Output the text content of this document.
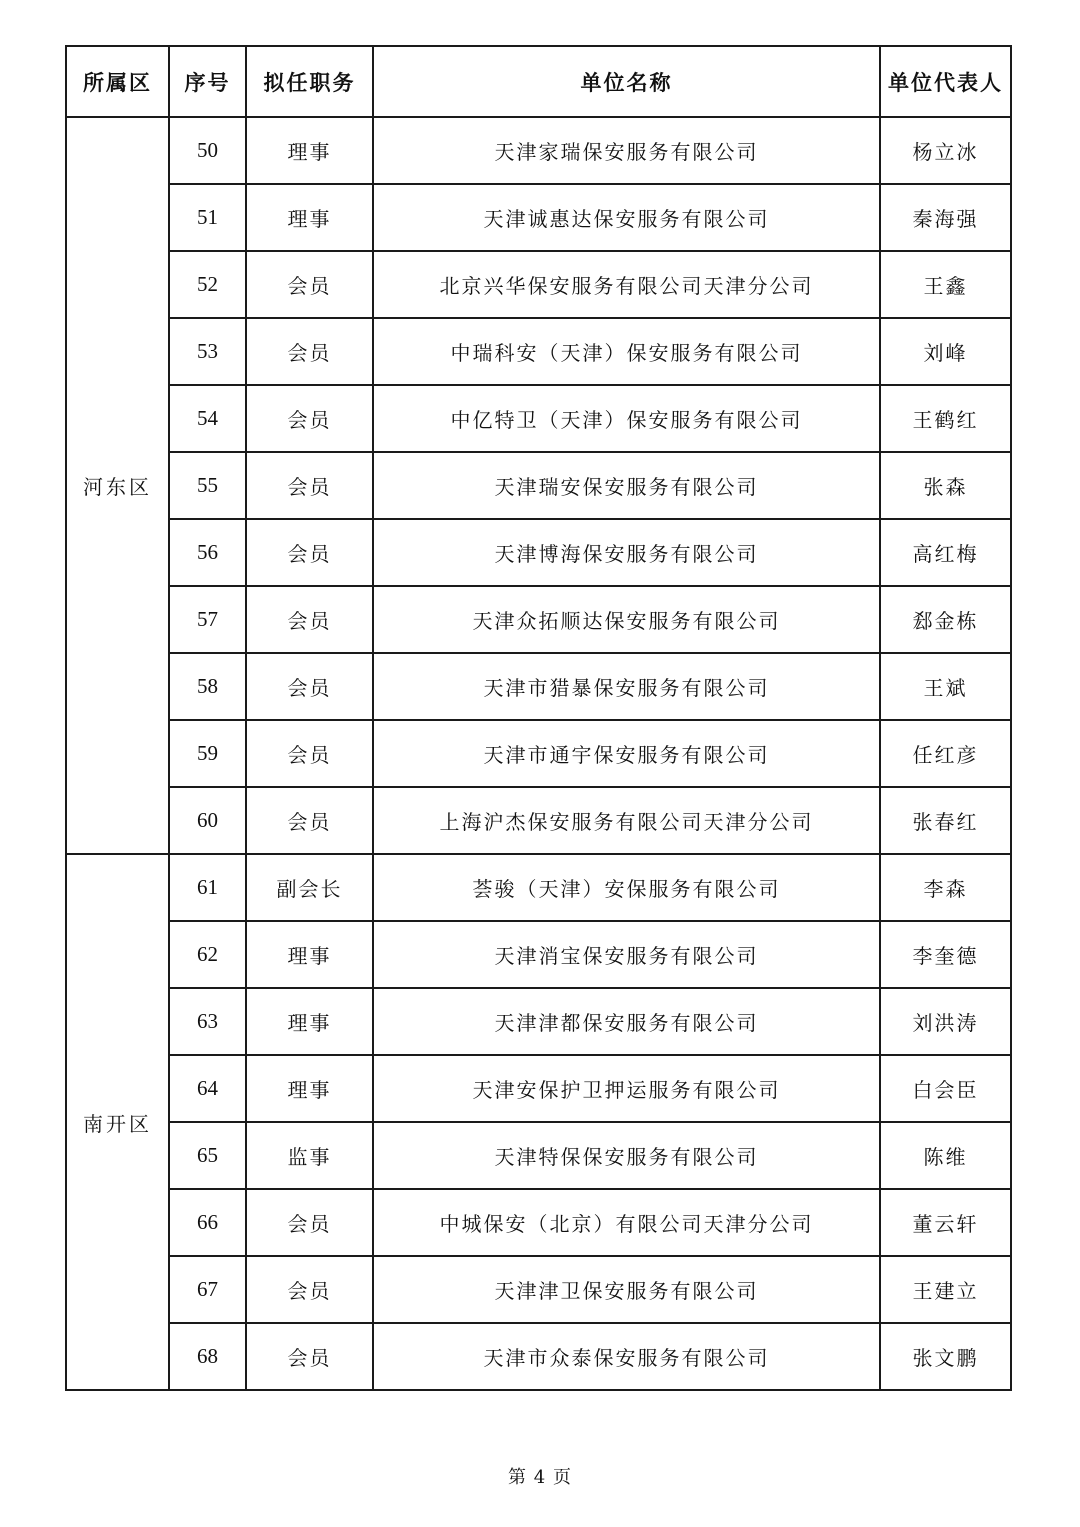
所属区	序号	拟任职务	单位名称	单位代表人
河东区	50	理事	天津家瑞保安服务有限公司	杨立冰
	51	理事	天津诚惠达保安服务有限公司	秦海强
	52	会员	北京兴华保安服务有限公司天津分公司	王鑫
	53	会员	中瑞科安（天津）保安服务有限公司	刘峰
	54	会员	中亿特卫（天津）保安服务有限公司	王鹤红
	55	会员	天津瑞安保安服务有限公司	张森
	56	会员	天津博海保安服务有限公司	高红梅
	57	会员	天津众拓顺达保安服务有限公司	郄金栋
	58	会员	天津市猎暴保安服务有限公司	王斌
	59	会员	天津市通宇保安服务有限公司	任红彦
	60	会员	上海沪杰保安服务有限公司天津分公司	张春红
南开区	61	副会长	荟骏（天津）安保服务有限公司	李森
	62	理事	天津消宝保安服务有限公司	李奎德
	63	理事	天津津都保安服务有限公司	刘洪涛
	64	理事	天津安保护卫押运服务有限公司	白会臣
	65	监事	天津特保保安服务有限公司	陈维
	66	会员	中城保安（北京）有限公司天津分公司	董云轩
	67	会员	天津津卫保安服务有限公司	王建立
	68	会员	天津市众泰保安服务有限公司	张文鹏
第 4 页
